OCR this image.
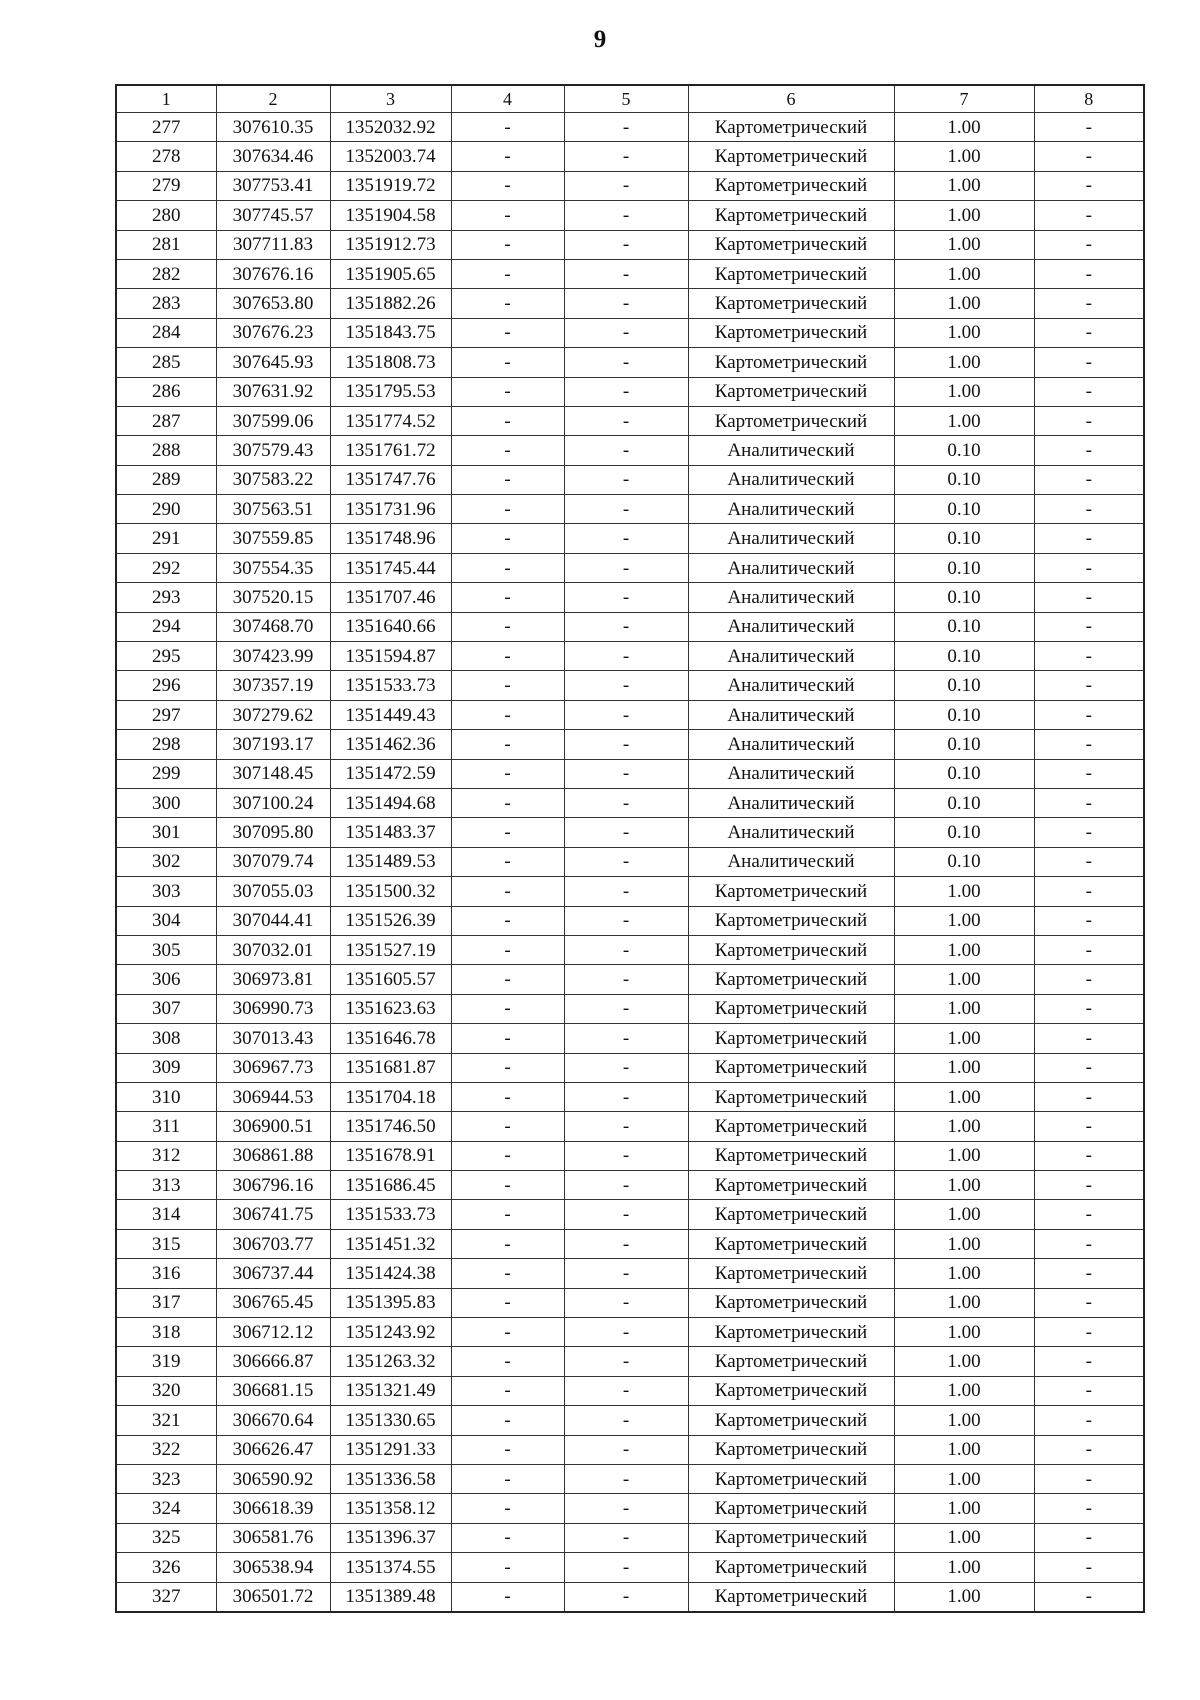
9
1	2	3	4	5	6	7	8
277	307610.35	1352032.92	-	-	Картометрический	1.00	-
278	307634.46	1352003.74	-	-	Картометрический	1.00	-
279	307753.41	1351919.72	-	-	Картометрический	1.00	-
280	307745.57	1351904.58	-	-	Картометрический	1.00	-
281	307711.83	1351912.73	-	-	Картометрический	1.00	-
282	307676.16	1351905.65	-	-	Картометрический	1.00	-
283	307653.80	1351882.26	-	-	Картометрический	1.00	-
284	307676.23	1351843.75	-	-	Картометрический	1.00	-
285	307645.93	1351808.73	-	-	Картометрический	1.00	-
286	307631.92	1351795.53	-	-	Картометрический	1.00	-
287	307599.06	1351774.52	-	-	Картометрический	1.00	-
288	307579.43	1351761.72	-	-	Аналитический	0.10	-
289	307583.22	1351747.76	-	-	Аналитический	0.10	-
290	307563.51	1351731.96	-	-	Аналитический	0.10	-
291	307559.85	1351748.96	-	-	Аналитический	0.10	-
292	307554.35	1351745.44	-	-	Аналитический	0.10	-
293	307520.15	1351707.46	-	-	Аналитический	0.10	-
294	307468.70	1351640.66	-	-	Аналитический	0.10	-
295	307423.99	1351594.87	-	-	Аналитический	0.10	-
296	307357.19	1351533.73	-	-	Аналитический	0.10	-
297	307279.62	1351449.43	-	-	Аналитический	0.10	-
298	307193.17	1351462.36	-	-	Аналитический	0.10	-
299	307148.45	1351472.59	-	-	Аналитический	0.10	-
300	307100.24	1351494.68	-	-	Аналитический	0.10	-
301	307095.80	1351483.37	-	-	Аналитический	0.10	-
302	307079.74	1351489.53	-	-	Аналитический	0.10	-
303	307055.03	1351500.32	-	-	Картометрический	1.00	-
304	307044.41	1351526.39	-	-	Картометрический	1.00	-
305	307032.01	1351527.19	-	-	Картометрический	1.00	-
306	306973.81	1351605.57	-	-	Картометрический	1.00	-
307	306990.73	1351623.63	-	-	Картометрический	1.00	-
308	307013.43	1351646.78	-	-	Картометрический	1.00	-
309	306967.73	1351681.87	-	-	Картометрический	1.00	-
310	306944.53	1351704.18	-	-	Картометрический	1.00	-
311	306900.51	1351746.50	-	-	Картометрический	1.00	-
312	306861.88	1351678.91	-	-	Картометрический	1.00	-
313	306796.16	1351686.45	-	-	Картометрический	1.00	-
314	306741.75	1351533.73	-	-	Картометрический	1.00	-
315	306703.77	1351451.32	-	-	Картометрический	1.00	-
316	306737.44	1351424.38	-	-	Картометрический	1.00	-
317	306765.45	1351395.83	-	-	Картометрический	1.00	-
318	306712.12	1351243.92	-	-	Картометрический	1.00	-
319	306666.87	1351263.32	-	-	Картометрический	1.00	-
320	306681.15	1351321.49	-	-	Картометрический	1.00	-
321	306670.64	1351330.65	-	-	Картометрический	1.00	-
322	306626.47	1351291.33	-	-	Картометрический	1.00	-
323	306590.92	1351336.58	-	-	Картометрический	1.00	-
324	306618.39	1351358.12	-	-	Картометрический	1.00	-
325	306581.76	1351396.37	-	-	Картометрический	1.00	-
326	306538.94	1351374.55	-	-	Картометрический	1.00	-
327	306501.72	1351389.48	-	-	Картометрический	1.00	-
